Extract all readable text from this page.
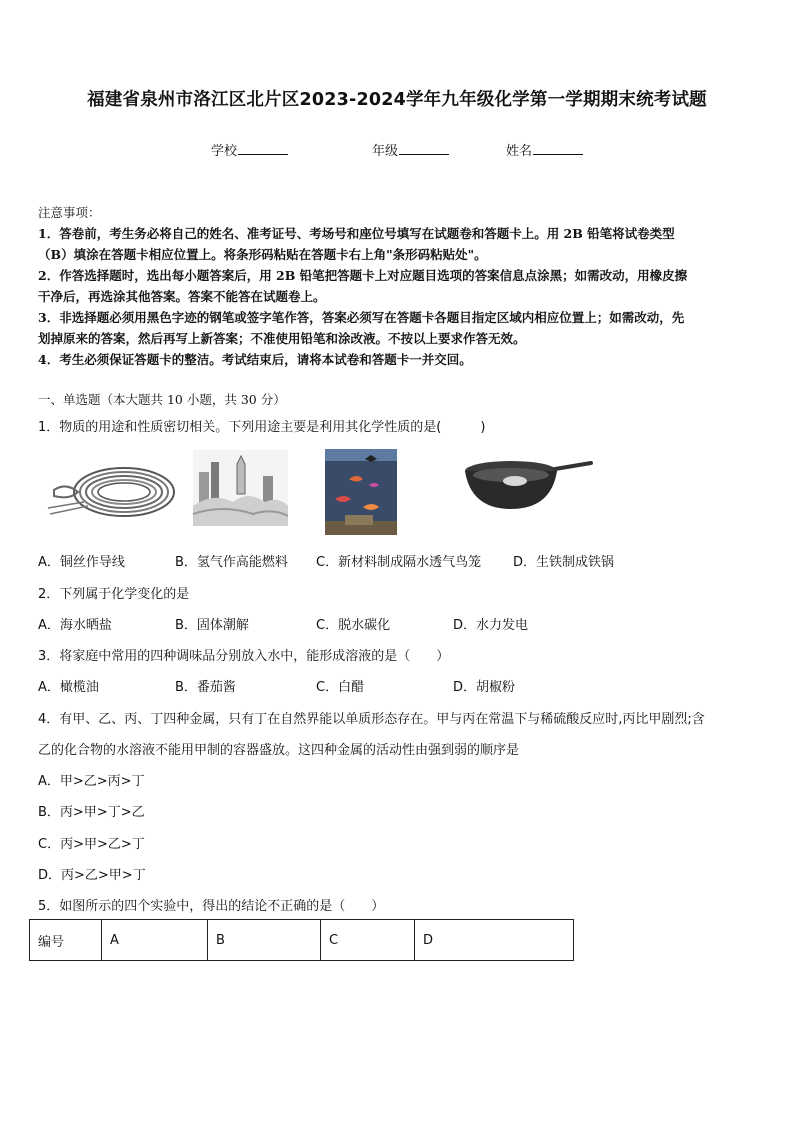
福建省泉州市洛江区北片区2023-2024学年九年级化学第一学期期末统考试题
学校	年级	姓名
注意事项：
1．答卷前，考生务必将自己的姓名、准考证号、考场号和座位号填写在试题卷和答题卡上。用 2B 铅笔将试卷类型
（B）填涂在答题卡相应位置上。将条形码粘贴在答题卡右上角"条形码粘贴处"。
2．作答选择题时，选出每小题答案后，用 2B 铅笔把答题卡上对应题目选项的答案信息点涂黑；如需改动，用橡皮擦
干净后，再选涂其他答案。答案不能答在试题卷上。
3．非选择题必须用黑色字迹的钢笔或签字笔作答，答案必须写在答题卡各题目指定区域内相应位置上；如需改动，先
划掉原来的答案，然后再写上新答案；不准使用铅笔和涂改液。不按以上要求作答无效。
4．考生必须保证答题卡的整洁。考试结束后，请将本试卷和答题卡一并交回。
一、单选题（本大题共 10 小题，共 30 分）
1．物质的用途和性质密切相关。下列用途主要是利用其化学性质的是(　　　)
A．铜丝作导线	B．氢气作高能燃料 C．新材料制成隔水透气鸟笼 D．生铁制成铁锅
2．下列属于化学变化的是
A．海水晒盐	B．固体潮解	C．脱水碳化	D．水力发电
3．将家庭中常用的四种调味品分别放入水中，能形成溶液的是（　　）
A．橄榄油	B．番茄酱	C．白醋	D．胡椒粉
4．有甲、乙、丙、丁四种金属，只有丁在自然界能以单质形态存在。甲与丙在常温下与稀硫酸反应时,丙比甲剧烈;含
乙的化合物的水溶液不能用甲制的容器盛放。这四种金属的活动性由强到弱的顺序是
A．甲>乙>丙>丁
B．丙>甲>丁>乙
C．丙>甲>乙>丁
D．丙>乙>甲>丁
5．如图所示的四个实验中，得出的结论不正确的是（　　）
编号	A	B	C	D
